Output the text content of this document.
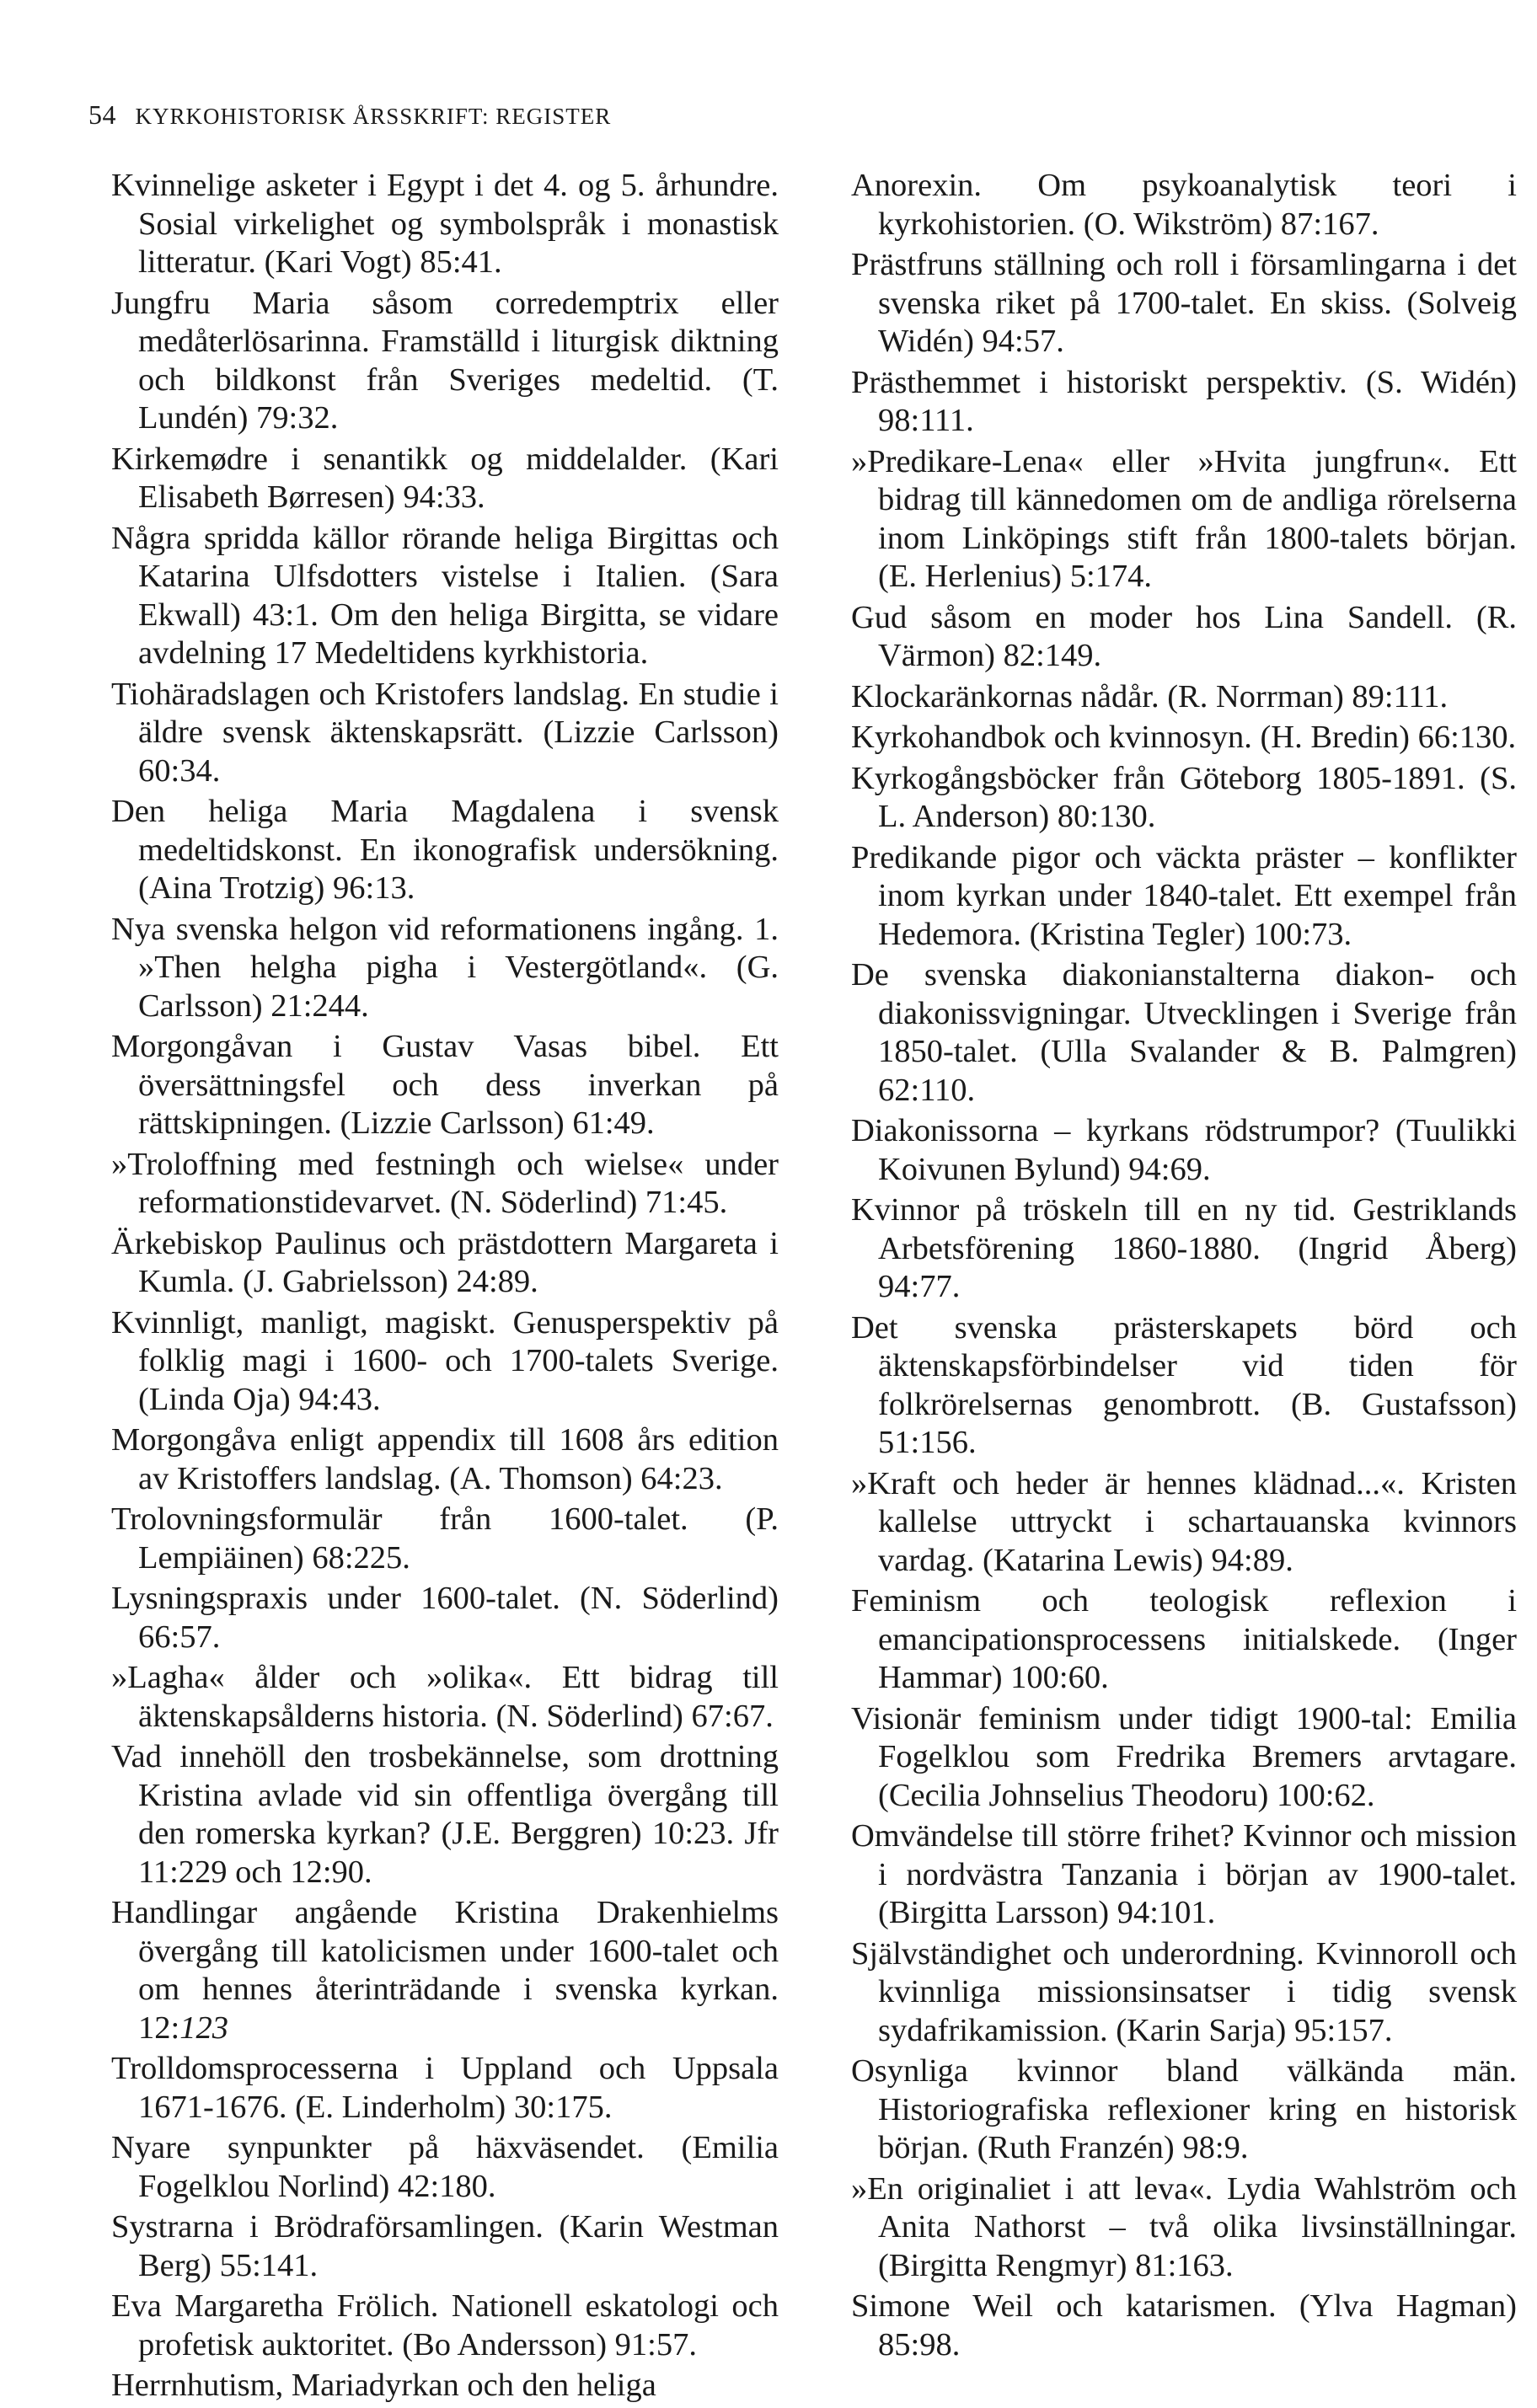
54 KYRKOHISTORISK ÅRSSKRIFT: REGISTER

Kvinnelige asketer i Egypt i det 4. og 5. århundre. Sosial virkelighet og symbolspråk i monastisk litteratur. (Kari Vogt) 85:41.

Jungfru Maria såsom corredemptrix eller medåterlösarinna. Framställd i liturgisk diktning och bildkonst från Sveriges medeltid. (T. Lundén) 79:32.

Kirkemødre i senantikk og middelalder. (Kari Elisabeth Børresen) 94:33.

Några spridda källor rörande heliga Birgittas och Katarina Ulfsdotters vistelse i Italien. (Sara Ekwall) 43:1. Om den heliga Birgitta, se vidare avdelning 17 Medeltidens kyrkhistoria.

Tiohäradslagen och Kristofers landslag. En studie i äldre svensk äktenskapsrätt. (Lizzie Carlsson) 60:34.

Den heliga Maria Magdalena i svensk medeltidskonst. En ikonografisk undersökning. (Aina Trotzig) 96:13.

Nya svenska helgon vid reformationens ingång. 1. »Then helgha pigha i Vestergötland«. (G. Carlsson) 21:244.

Morgongåvan i Gustav Vasas bibel. Ett översättningsfel och dess inverkan på rättskipningen. (Lizzie Carlsson) 61:49.

»Troloffning med festningh och wielse« under reformationstidevarvet. (N. Söderlind) 71:45.

Ärkebiskop Paulinus och prästdottern Margareta i Kumla. (J. Gabrielsson) 24:89.

Kvinnligt, manligt, magiskt. Genusperspektiv på folklig magi i 1600- och 1700-talets Sverige. (Linda Oja) 94:43.

Morgongåva enligt appendix till 1608 års edition av Kristoffers landslag. (A. Thomson) 64:23.

Trolovningsformulär från 1600-talet. (P. Lempiäinen) 68:225.

Lysningspraxis under 1600-talet. (N. Söderlind) 66:57.

»Lagha« ålder och »olika«. Ett bidrag till äktenskapsålderns historia. (N. Söderlind) 67:67.

Vad innehöll den trosbekännelse, som drottning Kristina avlade vid sin offentliga övergång till den romerska kyrkan? (J.E. Berggren) 10:23. Jfr 11:229 och 12:90.

Handlingar angående Kristina Drakenhielms övergång till katolicismen under 1600-talet och om hennes återinträdande i svenska kyrkan. 12:123

Trolldomsprocesserna i Uppland och Uppsala 1671-1676. (E. Linderholm) 30:175.

Nyare synpunkter på häxväsendet. (Emilia Fogelklou Norlind) 42:180.

Systrarna i Brödraförsamlingen. (Karin Westman Berg) 55:141.

Eva Margaretha Frölich. Nationell eskatologi och profetisk auktoritet. (Bo Andersson) 91:57.

Herrnhutism, Mariadyrkan och den heliga

Anorexin. Om psykoanalytisk teori i kyrkohistorien. (O. Wikström) 87:167.

Prästfruns ställning och roll i församlingarna i det svenska riket på 1700-talet. En skiss. (Solveig Widén) 94:57.

Prästhemmet i historiskt perspektiv. (S. Widén) 98:111.

»Predikare-Lena« eller »Hvita jungfrun«. Ett bidrag till kännedomen om de andliga rörelserna inom Linköpings stift från 1800-talets början. (E. Herlenius) 5:174.

Gud såsom en moder hos Lina Sandell. (R. Värmon) 82:149.

Klockaränkornas nådår. (R. Norrman) 89:111.

Kyrkohandbok och kvinnosyn. (H. Bredin) 66:130.

Kyrkogångsböcker från Göteborg 1805-1891. (S. L. Anderson) 80:130.

Predikande pigor och väckta präster – konflikter inom kyrkan under 1840-talet. Ett exempel från Hedemora. (Kristina Tegler) 100:73.

De svenska diakonianstalterna diakon- och diakonissvigningar. Utvecklingen i Sverige från 1850-talet. (Ulla Svalander & B. Palmgren) 62:110.

Diakonissorna – kyrkans rödstrumpor? (Tuulikki Koivunen Bylund) 94:69.

Kvinnor på tröskeln till en ny tid. Gestriklands Arbetsförening 1860-1880. (Ingrid Åberg) 94:77.

Det svenska prästerskapets börd och äktenskapsförbindelser vid tiden för folkrörelsernas genombrott. (B. Gustafsson) 51:156.

»Kraft och heder är hennes klädnad...«. Kristen kallelse uttryckt i schartauanska kvinnors vardag. (Katarina Lewis) 94:89.

Feminism och teologisk reflexion i emancipationsprocessens initialskede. (Inger Hammar) 100:60.

Visionär feminism under tidigt 1900-tal: Emilia Fogelklou som Fredrika Bremers arvtagare. (Cecilia Johnselius Theodoru) 100:62.

Omvändelse till större frihet? Kvinnor och mission i nordvästra Tanzania i början av 1900-talet. (Birgitta Larsson) 94:101.

Självständighet och underordning. Kvinnoroll och kvinnliga missionsinsatser i tidig svensk sydafrikamission. (Karin Sarja) 95:157.

Osynliga kvinnor bland välkända män. Historiografiska reflexioner kring en historisk början. (Ruth Franzén) 98:9.

»En originaliet i att leva«. Lydia Wahlström och Anita Nathorst – två olika livsinställningar. (Birgitta Rengmyr) 81:163.

Simone Weil och katarismen. (Ylva Hagman) 85:98.
